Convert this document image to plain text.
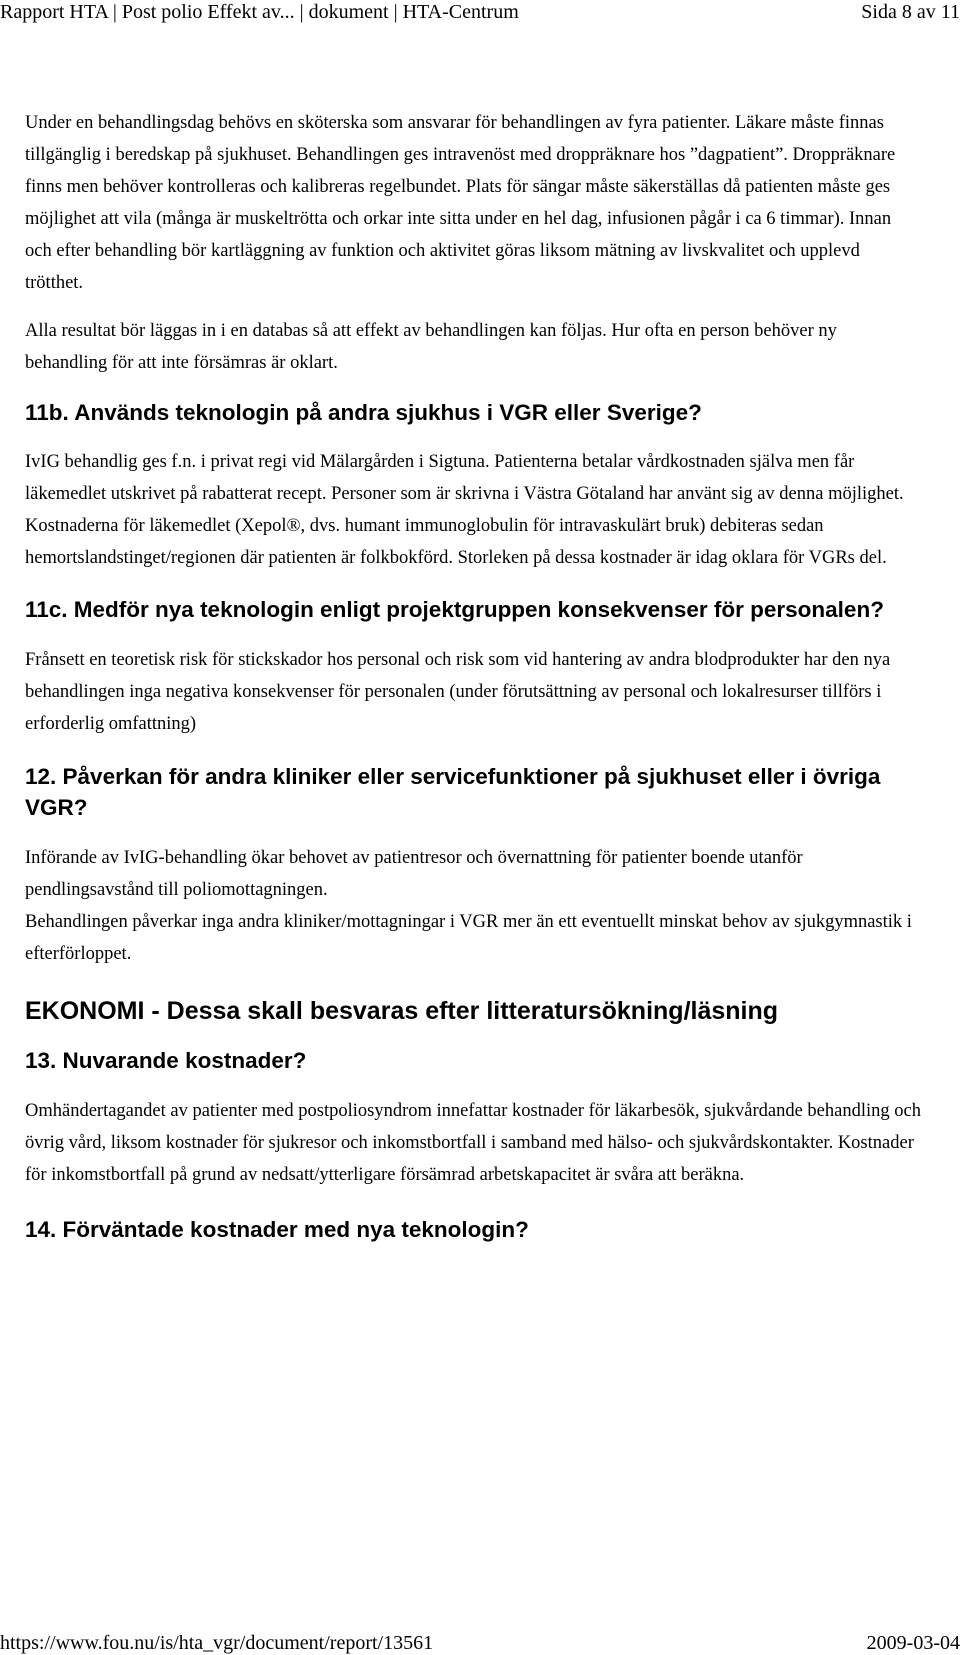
Rapport HTA | Post polio Effekt av... | dokument | HTA-Centrum	Sida 8 av 11

Under en behandlingsdag behövs en sköterska som ansvarar för behandlingen av fyra patienter. Läkare måste finnas tillgänglig i beredskap på sjukhuset. Behandlingen ges intravenöst med droppräknare hos ”dagpatient”. Droppräknare finns men behöver kontrolleras och kalibreras regelbundet. Plats för sängar måste säkerställas då patienten måste ges möjlighet att vila (många är muskeltrötta och orkar inte sitta under en hel dag, infusionen pågår i ca 6 timmar). Innan och efter behandling bör kartläggning av funktion och aktivitet göras liksom mätning av livskvalitet och upplevd trötthet.

Alla resultat bör läggas in i en databas så att effekt av behandlingen kan följas. Hur ofta en person behöver ny behandling för att inte försämras är oklart.

11b. Används teknologin på andra sjukhus i VGR eller Sverige?

IvIG behandlig ges f.n. i privat regi vid Mälargården i Sigtuna. Patienterna betalar vårdkostnaden själva men får läkemedlet utskrivet på rabatterat recept. Personer som är skrivna i Västra Götaland har använt sig av denna möjlighet.

Kostnaderna för läkemedlet (Xepol®, dvs. humant immunoglobulin för intravaskulärt bruk) debiteras sedan hemortslandstinget/regionen där patienten är folkbokförd. Storleken på dessa kostnader är idag oklara för VGRs del.

11c. Medför nya teknologin enligt projektgruppen konsekvenser för personalen?

Frånsett en teoretisk risk för stickskador hos personal och risk som vid hantering av andra blodprodukter har den nya behandlingen inga negativa konsekvenser för personalen (under förutsättning av personal och lokalresurser tillförs i erforderlig omfattning)

12. Påverkan för andra kliniker eller servicefunktioner på sjukhuset eller i övriga VGR?

Införande av IvIG-behandling ökar behovet av patientresor och övernattning för patienter boende utanför pendlingsavstånd till poliomottagningen.

Behandlingen påverkar inga andra kliniker/mottagningar i VGR mer än ett eventuellt minskat behov av sjukgymnastik i efterförloppet.

EKONOMI - Dessa skall besvaras efter litteratursökning/läsning
13. Nuvarande kostnader?

Omhändertagandet av patienter med postpoliosyndrom innefattar kostnader för läkarbesök, sjukvårdande behandling och övrig vård, liksom kostnader för sjukresor och inkomstbortfall i samband med hälso- och sjukvårdskontakter. Kostnader för inkomstbortfall på grund av nedsatt/ytterligare försämrad arbetskapacitet är svåra att beräkna.

14. Förväntade kostnader med nya teknologin?
https://www.fou.nu/is/hta_vgr/document/report/13561	2009-03-04
